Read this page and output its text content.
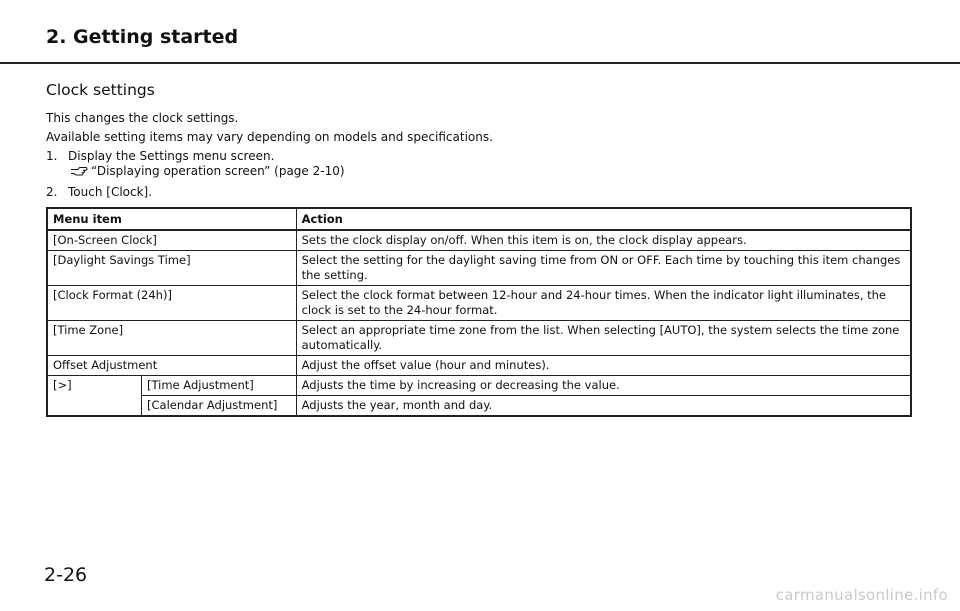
2. Getting started
Clock settings

This changes the clock settings.

Available setting items may vary depending on models and specifications.

1. Display the Settings menu screen.

“Displaying operation screen” (page 2-10)

2. Touch [Clock].

Menu item		Action
[On-Screen Clock]		Sets the clock display on/off. When this item is on, the clock display appears.
[Daylight Savings Time]		Select the setting for the daylight saving time from ON or OFF. Each time by touching this item changes the setting.
[Clock Format (24h)]		Select the clock format between 12-hour and 24-hour times. When the indicator light illuminates, the clock is set to the 24-hour format.
[Time Zone]		Select an appropriate time zone from the list. When selecting [AUTO], the system selects the time zone automatically.
Offset Adjustment		Adjust the offset value (hour and minutes).
[>]	[Time Adjustment]	Adjusts the time by increasing or decreasing the value.
	[Calendar Adjustment]	Adjusts the year, month and day.

2-26

carmanualsonline.info
